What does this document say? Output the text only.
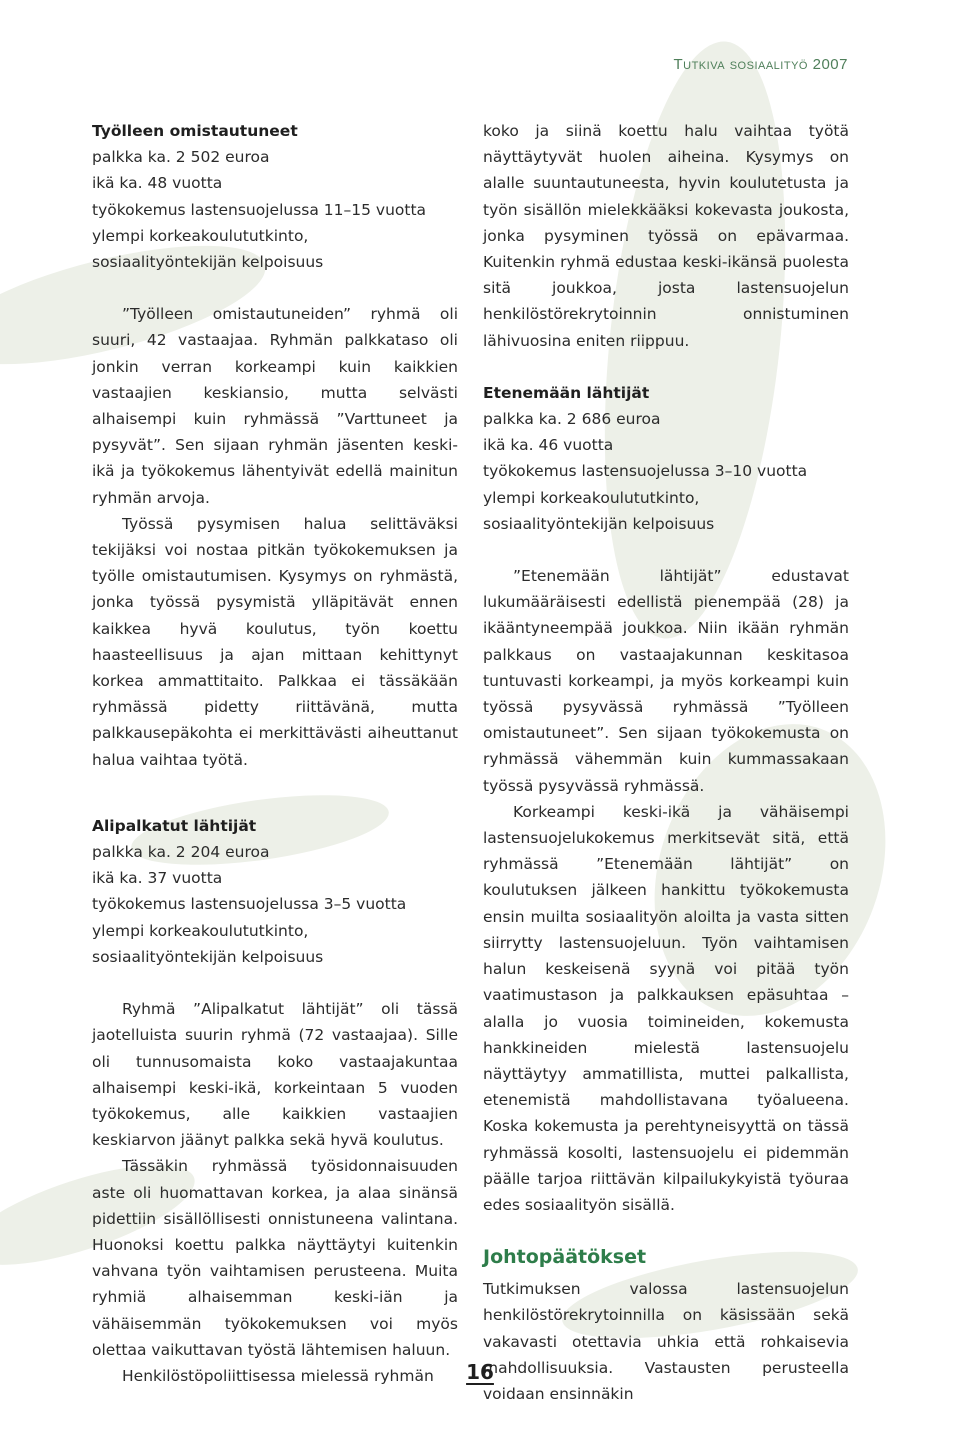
Tutkiva sosiaalityö 2007
Työlleen omistautuneet
palkka ka. 2 502 euroa
ikä ka. 48 vuotta
työkokemus lastensuojelussa 11–15 vuotta
ylempi korkeakoulututkinto,
sosiaalityöntekijän kelpoisuus

”Työlleen omistautuneiden” ryhmä oli suuri, 42 vastaajaa. Ryhmän palkkataso oli jonkin verran korkeampi kuin kaikkien vastaajien keskiansio, mutta selvästi alhaisempi kuin ryhmässä ”Varttuneet ja pysyvät”. Sen sijaan ryhmän jäsenten keski-ikä ja työkokemus lähentyivät edellä mainitun ryhmän arvoja.

Työssä pysymisen halua selittäväksi tekijäksi voi nostaa pitkän työkokemuksen ja työlle omistautumisen. Kysymys on ryhmästä, jonka työssä pysymistä ylläpitävät ennen kaikkea hyvä koulutus, työn koettu haasteellisuus ja ajan mittaan kehittynyt korkea ammattitaito. Palkkaa ei tässäkään ryhmässä pidetty riittävänä, mutta palkkausepäkohta ei merkittävästi aiheuttanut halua vaihtaa työtä.

Alipalkatut lähtijät
palkka ka. 2 204 euroa
ikä ka. 37 vuotta
työkokemus lastensuojelussa 3–5 vuotta
ylempi korkeakoulututkinto,
sosiaalityöntekijän kelpoisuus

Ryhmä ”Alipalkatut lähtijät” oli tässä jaotelluista suurin ryhmä (72 vastaajaa). Sille oli tunnusomaista koko vastaajakuntaa alhaisempi keski-ikä, korkeintaan 5 vuoden työkokemus, alle kaikkien vastaajien keskiarvon jäänyt palkka sekä hyvä koulutus.

Tässäkin ryhmässä työsidonnaisuuden aste oli huomattavan korkea, ja alaa sinänsä pidettiin sisällöllisesti onnistuneena valintana. Huonoksi koettu palkka näyttäytyi kuitenkin vahvana työn vaihtamisen perusteena. Muita ryhmiä alhaisemman keski-iän ja vähäisemmän työkokemuksen voi myös olettaa vaikuttavan työstä lähtemisen haluun.

Henkilöstöpoliittisessa mielessä ryhmän

koko ja siinä koettu halu vaihtaa työtä näyttäytyvät huolen aiheina. Kysymys on alalle suuntautuneesta, hyvin koulutetusta ja työn sisällön mielekkääksi kokevasta joukosta, jonka pysyminen työssä on epävarmaa. Kuitenkin ryhmä edustaa keski-ikänsä puolesta sitä joukkoa, josta lastensuojelun henkilöstörekrytoinnin onnistuminen lähivuosina eniten riippuu.

Etenemään lähtijät
palkka ka. 2 686 euroa
ikä ka. 46 vuotta
työkokemus lastensuojelussa 3–10 vuotta
ylempi korkeakoulututkinto,
sosiaalityöntekijän kelpoisuus

”Etenemään lähtijät” edustavat lukumääräisesti edellistä pienempää (28) ja ikääntyneempää joukkoa. Niin ikään ryhmän palkkaus on vastaajakunnan keskitasoa tuntuvasti korkeampi, ja myös korkeampi kuin työssä pysyvässä ryhmässä ”Työlleen omistautuneet”. Sen sijaan työkokemusta on ryhmässä vähemmän kuin kummassakaan työssä pysyvässä ryhmässä.

Korkeampi keski-ikä ja vähäisempi lastensuojelukokemus merkitsevät sitä, että ryhmässä ”Etenemään lähtijät” on koulutuksen jälkeen hankittu työkokemusta ensin muilta sosiaalityön aloilta ja vasta sitten siirrytty lastensuojeluun. Työn vaihtamisen halun keskeisenä syynä voi pitää työn vaatimustason ja palkkauksen epäsuhtaa – alalla jo vuosia toimineiden, kokemusta hankkineiden mielestä lastensuojelu näyttäytyy ammatillista, muttei palkallista, etenemistä mahdollistavana työalueena. Koska kokemusta ja perehtyneisyyttä on tässä ryhmässä kosolti, lastensuojelu ei pidemmän päälle tarjoa riittävän kilpailukykyistä työuraa edes sosiaalityön sisällä.

Johtopäätökset

Tutkimuksen valossa lastensuojelun henkilöstörekrytoinnilla on käsissään sekä vakavasti otettavia uhkia että rohkaisevia mahdollisuuksia. Vastausten perusteella voidaan ensinnäkin

16
